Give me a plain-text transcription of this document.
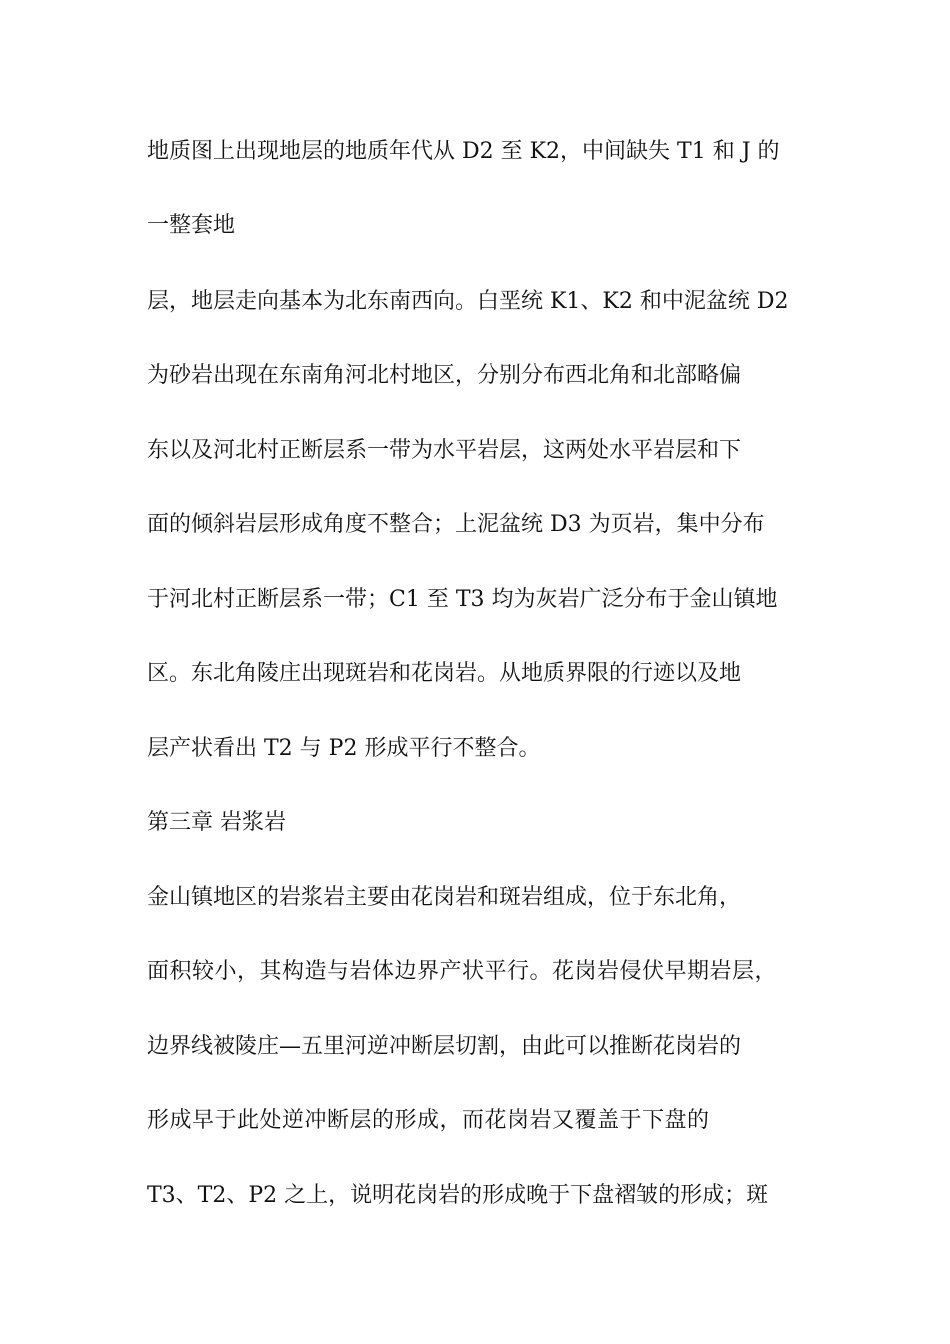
地质图上出现地层的地质年代从 D2 至 K2，中间缺失 T1 和 J 的
一整套地
层，地层走向基本为北东南西向。白垩统 K1、K2 和中泥盆统 D2
为砂岩出现在东南角河北村地区，分别分布西北角和北部略偏
东以及河北村正断层系一带为水平岩层，这两处水平岩层和下
面的倾斜岩层形成角度不整合；上泥盆统 D3 为页岩，集中分布
于河北村正断层系一带；C1 至 T3 均为灰岩广泛分布于金山镇地
区。东北角陵庄出现斑岩和花岗岩。从地质界限的行迹以及地
层产状看出 T2 与 P2 形成平行不整合。
第三章 岩浆岩
金山镇地区的岩浆岩主要由花岗岩和斑岩组成，位于东北角，
面积较小，其构造与岩体边界产状平行。花岗岩侵伏早期岩层，
边界线被陵庄—五里河逆冲断层切割，由此可以推断花岗岩的
形成早于此处逆冲断层的形成，而花岗岩又覆盖于下盘的
T3、T2、P2 之上，说明花岗岩的形成晚于下盘褶皱的形成；斑
